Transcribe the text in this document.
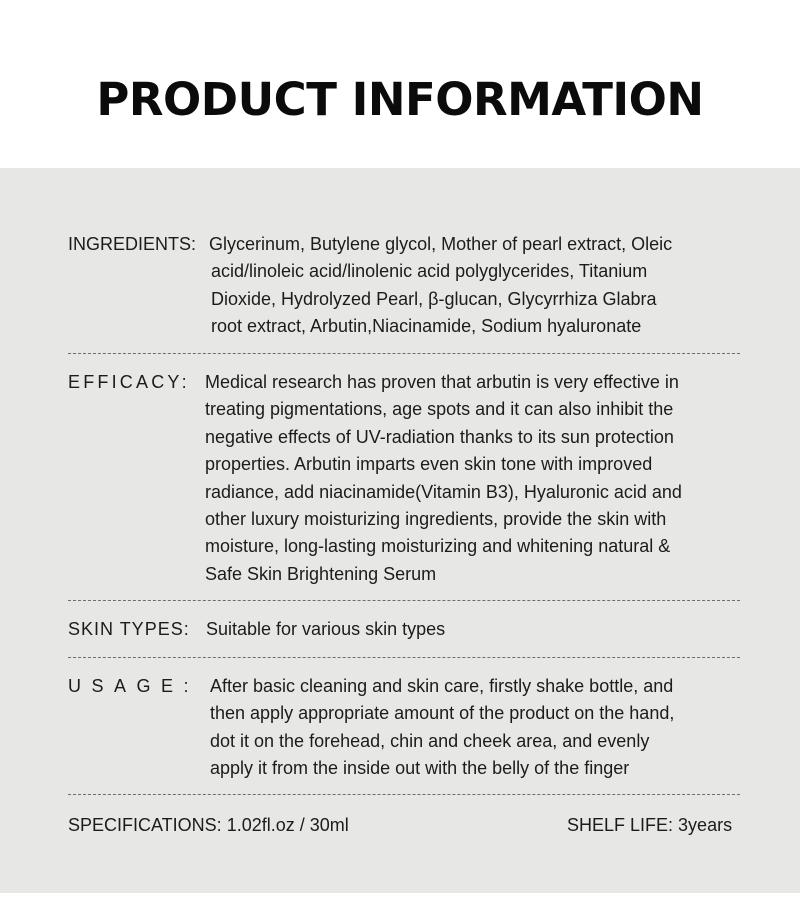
PRODUCT INFORMATION
INGREDIENTS: Glycerinum, Butylene glycol, Mother of pearl extract, Oleic
acid/linoleic acid/linolenic acid polyglycerides, Titanium
Dioxide, Hydrolyzed Pearl, β-glucan, Glycyrrhiza Glabra
root extract, Arbutin,Niacinamide, Sodium hyaluronate
EFFICACY: Medical research has proven that arbutin is very effective in
treating pigmentations, age spots and it can also inhibit the
negative effects of UV-radiation thanks to its sun protection
properties. Arbutin imparts even skin tone with improved
radiance, add niacinamide(Vitamin B3), Hyaluronic acid and
other luxury moisturizing ingredients, provide the skin with
moisture, long-lasting moisturizing and whitening natural &
Safe Skin Brightening Serum
SKIN TYPES: Suitable for various skin types
USAGE: After basic cleaning and skin care, firstly shake bottle, and
then apply appropriate amount of the product on the hand,
dot it on the forehead, chin and cheek area, and evenly
apply it from the inside out with the belly of the finger
SPECIFICATIONS: 1.02fl.oz / 30ml	SHELF LIFE: 3years
